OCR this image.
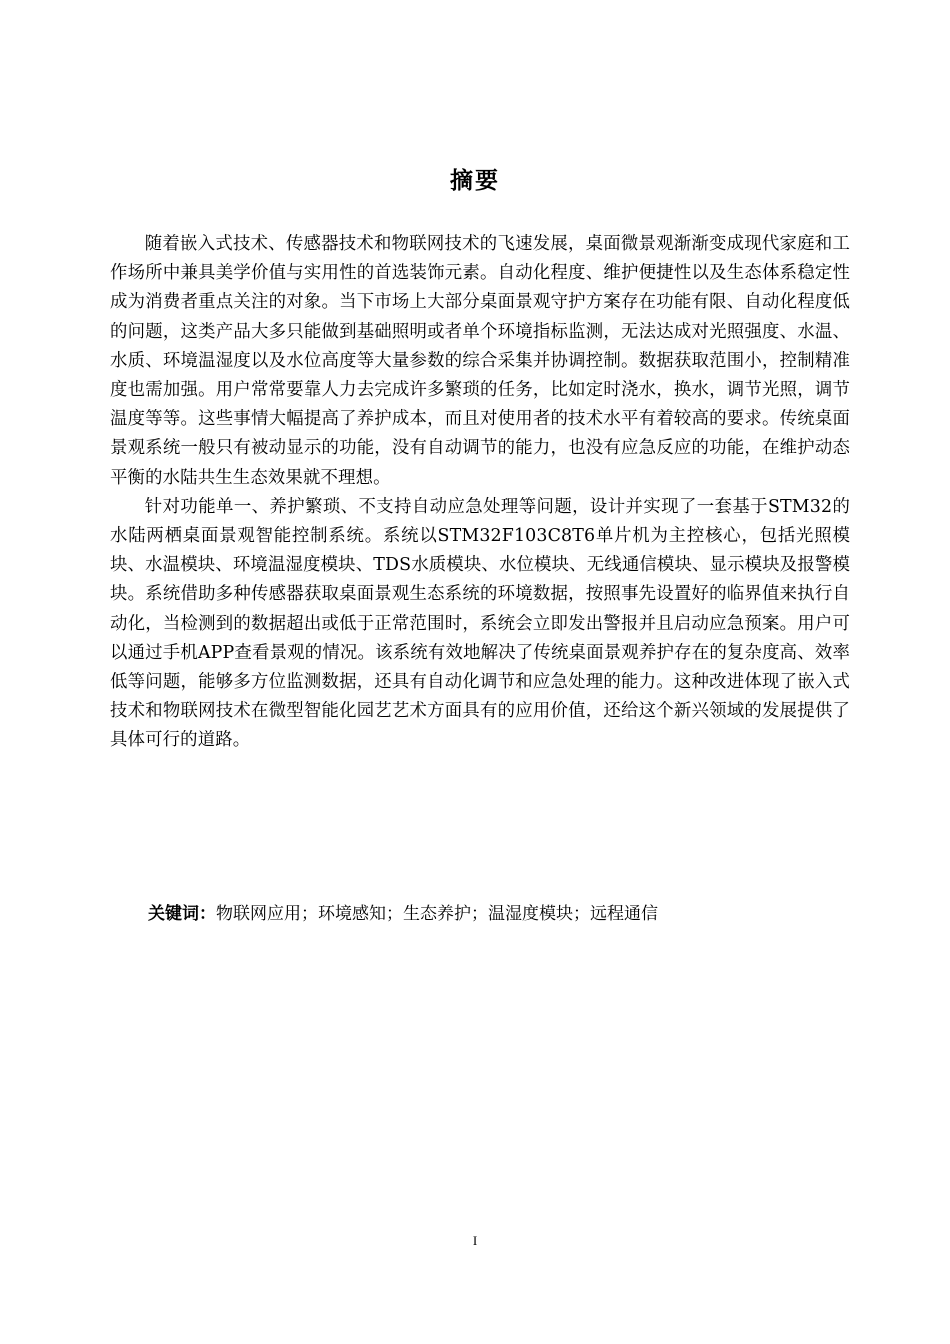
摘要

随着嵌入式技术、传感器技术和物联网技术的飞速发展，桌面微景观渐渐变成现代家庭和工作场所中兼具美学价值与实用性的首选装饰元素。自动化程度、维护便捷性以及生态体系稳定性成为消费者重点关注的对象。当下市场上大部分桌面景观守护方案存在功能有限、自动化程度低的问题，这类产品大多只能做到基础照明或者单个环境指标监测，无法达成对光照强度、水温、水质、环境温湿度以及水位高度等大量参数的综合采集并协调控制。数据获取范围小，控制精准度也需加强。用户常常要靠人力去完成许多繁琐的任务，比如定时浇水，换水，调节光照，调节温度等等。这些事情大幅提高了养护成本，而且对使用者的技术水平有着较高的要求。传统桌面景观系统一般只有被动显示的功能，没有自动调节的能力，也没有应急反应的功能，在维护动态平衡的水陆共生生态效果就不理想。

针对功能单一、养护繁琐、不支持自动应急处理等问题，设计并实现了一套基于STM32的水陆两栖桌面景观智能控制系统。系统以STM32F103C8T6单片机为主控核心，包括光照模块、水温模块、环境温湿度模块、TDS水质模块、水位模块、无线通信模块、显示模块及报警模块。系统借助多种传感器获取桌面景观生态系统的环境数据，按照事先设置好的临界值来执行自动化，当检测到的数据超出或低于正常范围时，系统会立即发出警报并且启动应急预案。用户可以通过手机APP查看景观的情况。该系统有效地解决了传统桌面景观养护存在的复杂度高、效率低等问题，能够多方位监测数据，还具有自动化调节和应急处理的能力。这种改进体现了嵌入式技术和物联网技术在微型智能化园艺艺术方面具有的应用价值，还给这个新兴领域的发展提供了具体可行的道路。

关键词：物联网应用；环境感知；生态养护；温湿度模块；远程通信
I
